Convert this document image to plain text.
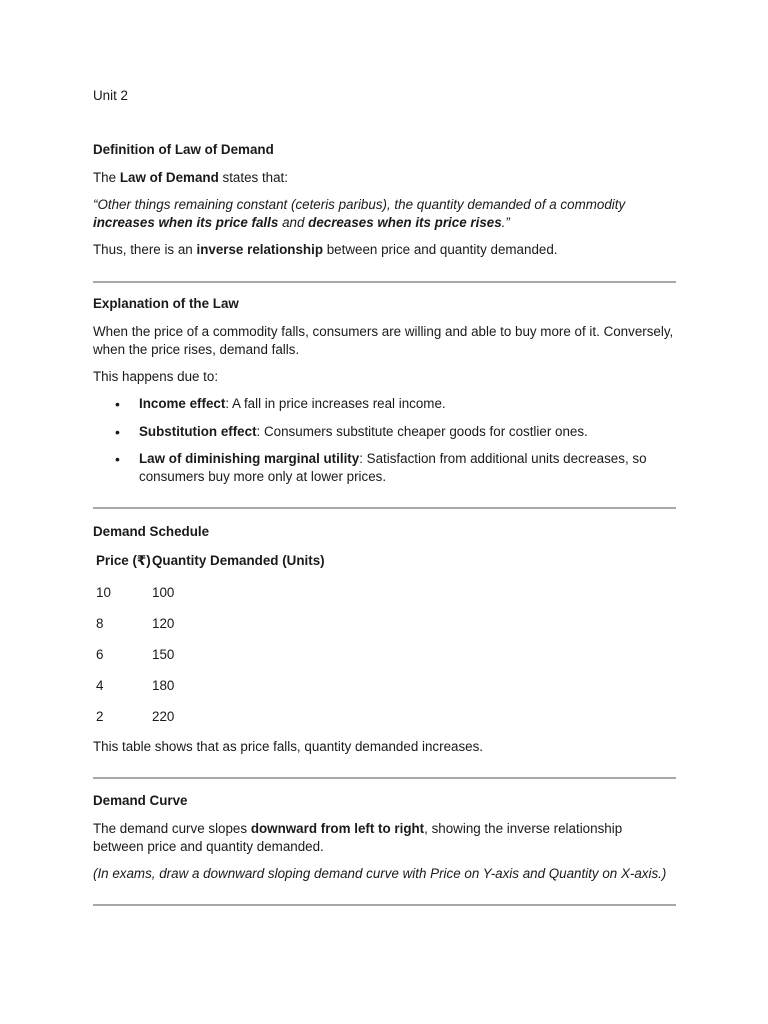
Unit 2

Definition of Law of Demand

The Law of Demand states that:

“Other things remaining constant (ceteris paribus), the quantity demanded of a commodity increases when its price falls and decreases when its price rises.”

Thus, there is an inverse relationship between price and quantity demanded.

Explanation of the Law

When the price of a commodity falls, consumers are willing and able to buy more of it. Conversely, when the price rises, demand falls.

This happens due to:

•

Income effect: A fall in price increases real income.

•

Substitution effect: Consumers substitute cheaper goods for costlier ones.

•

Law of diminishing marginal utility: Satisfaction from additional units decreases, so consumers buy more only at lower prices.

Demand Schedule

Price (₹) Quantity Demanded (Units)
10	100
8	120
6	150
4	180
2	220

This table shows that as price falls, quantity demanded increases.

Demand Curve

The demand curve slopes downward from left to right, showing the inverse relationship between price and quantity demanded.

(In exams, draw a downward sloping demand curve with Price on Y-axis and Quantity on X-axis.)
